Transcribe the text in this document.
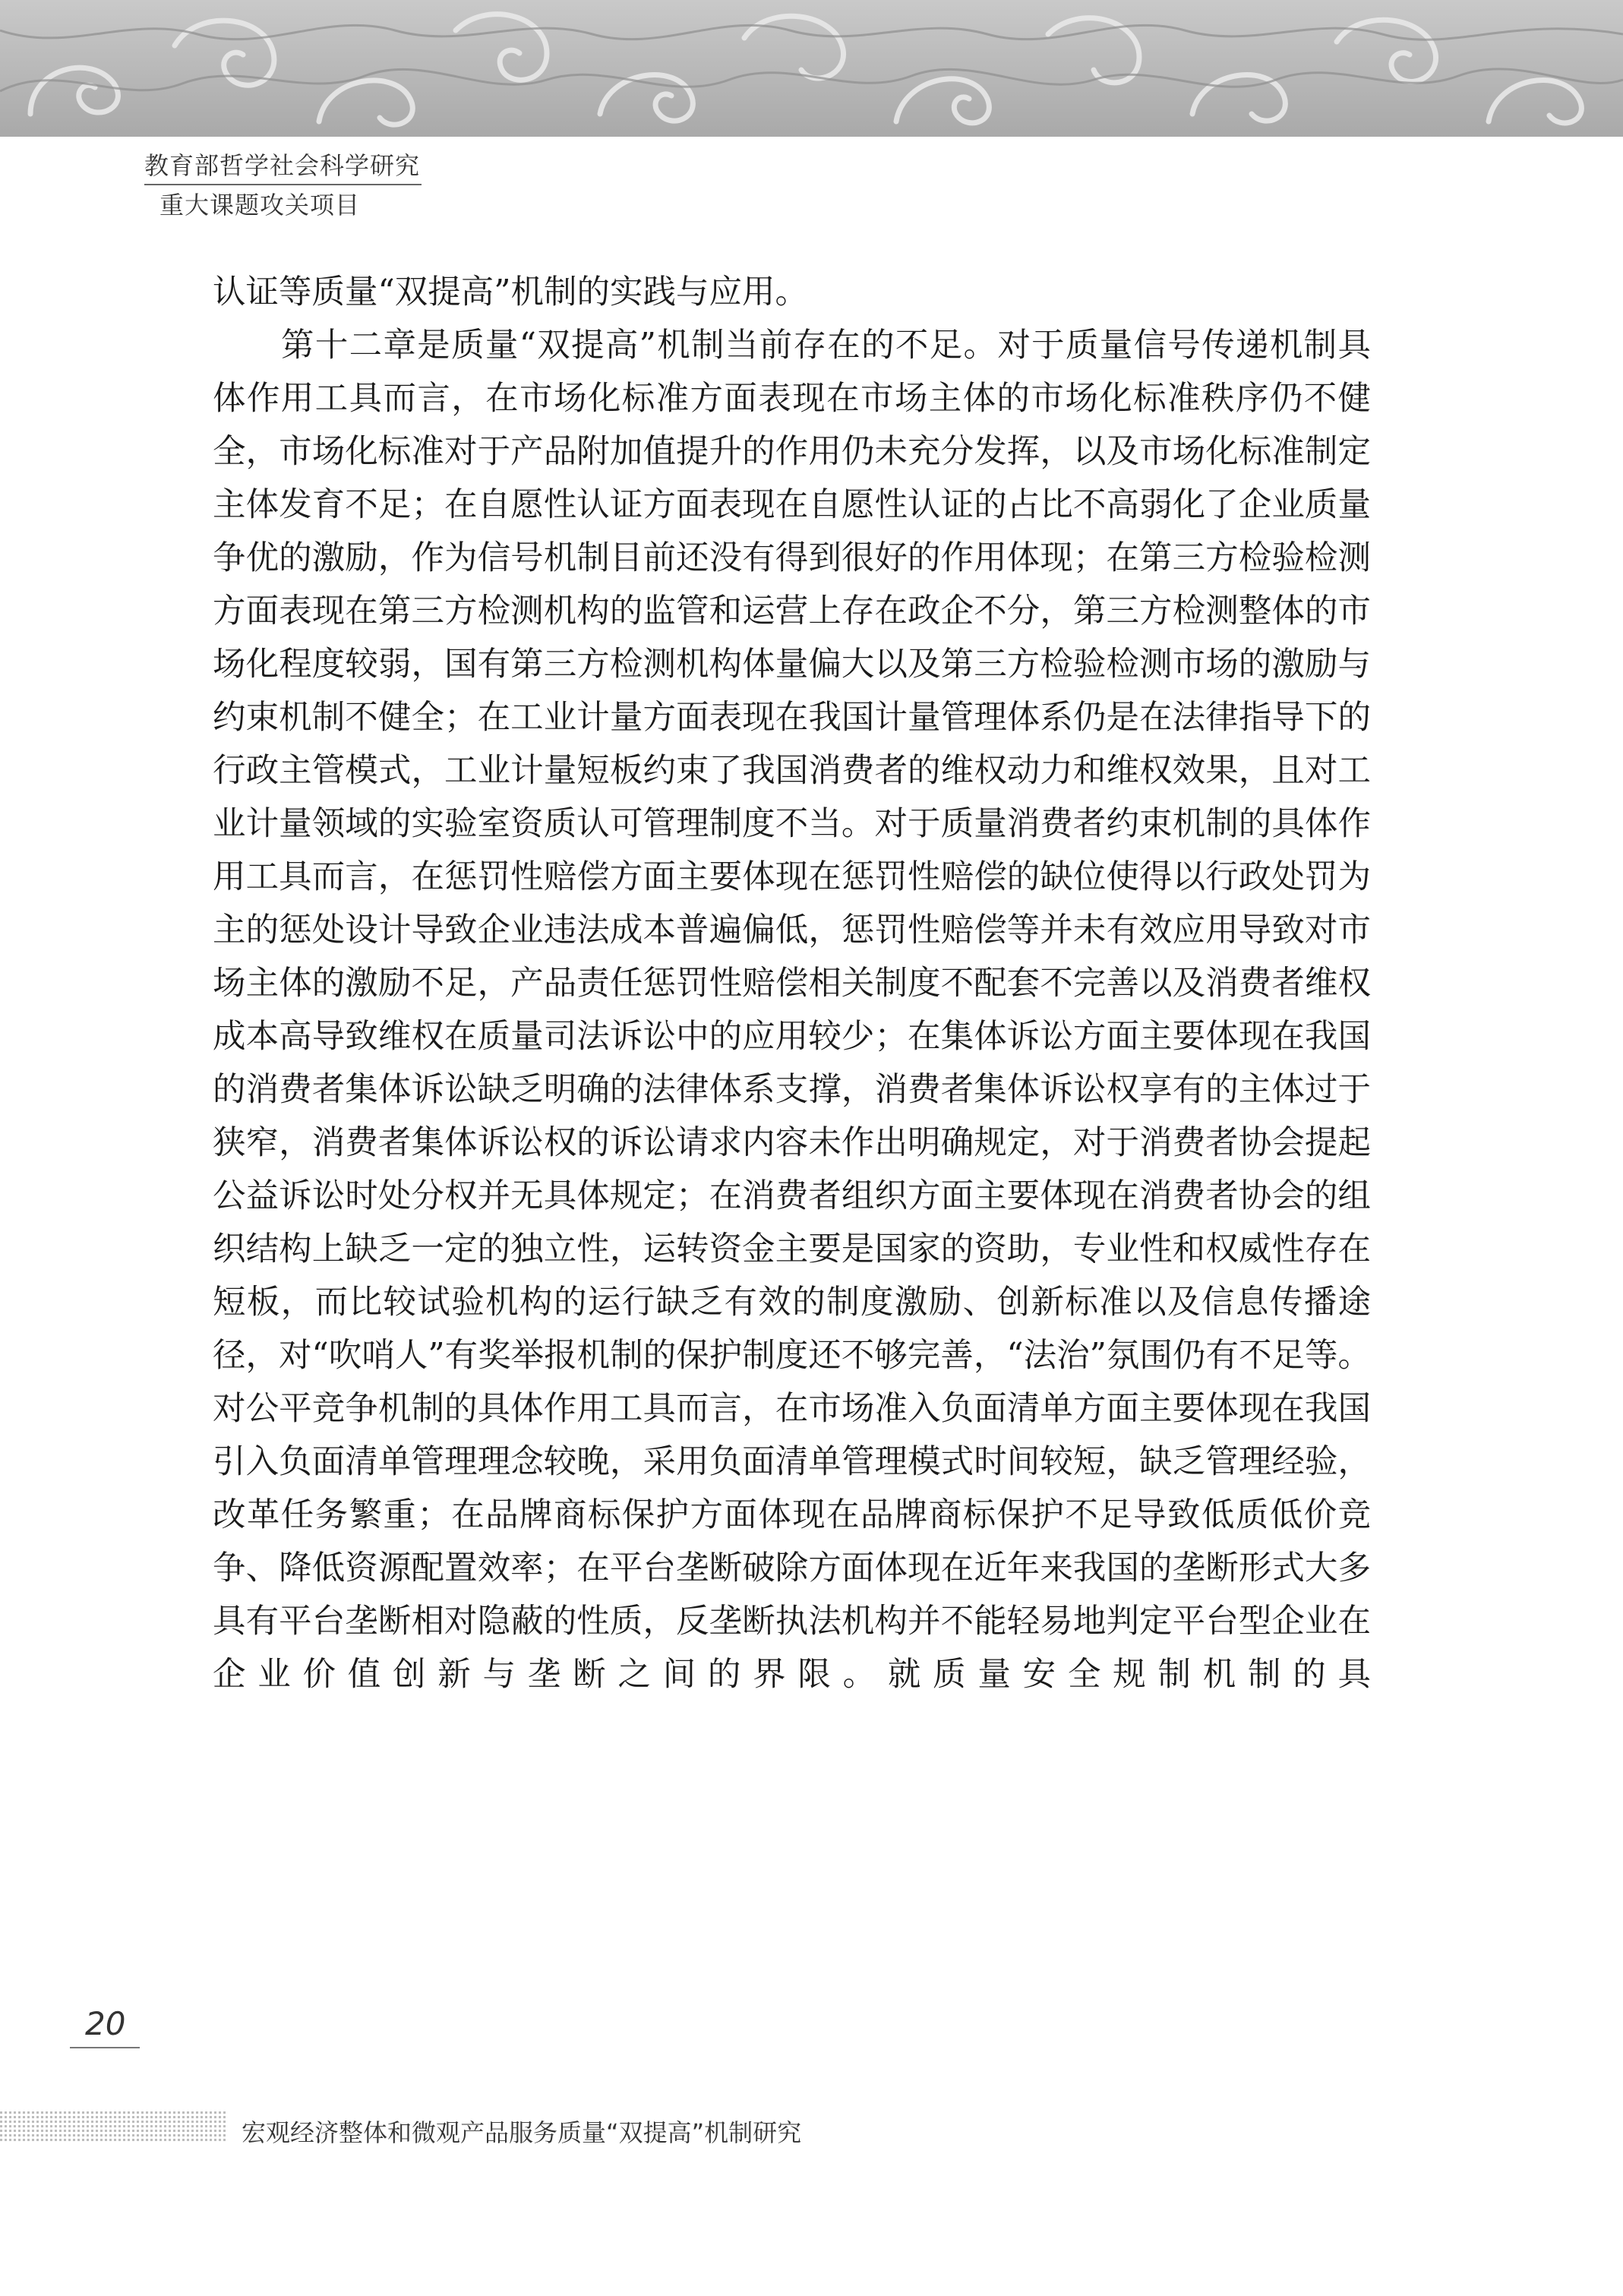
教育部哲学社会科学研究
重大课题攻关项目

认证等质量“双提高”机制的实践与应用。

第十二章是质量“双提高”机制当前存在的不足。对于质量信号传递机制具体作用工具而言，在市场化标准方面表现在市场主体的市场化标准秩序仍不健全，市场化标准对于产品附加值提升的作用仍未充分发挥，以及市场化标准制定主体发育不足；在自愿性认证方面表现在自愿性认证的占比不高弱化了企业质量争优的激励，作为信号机制目前还没有得到很好的作用体现；在第三方检验检测方面表现在第三方检测机构的监管和运营上存在政企不分，第三方检测整体的市场化程度较弱，国有第三方检测机构体量偏大以及第三方检验检测市场的激励与约束机制不健全；在工业计量方面表现在我国计量管理体系仍是在法律指导下的行政主管模式，工业计量短板约束了我国消费者的维权动力和维权效果，且对工业计量领域的实验室资质认可管理制度不当。对于质量消费者约束机制的具体作用工具而言，在惩罚性赔偿方面主要体现在惩罚性赔偿的缺位使得以行政处罚为主的惩处设计导致企业违法成本普遍偏低，惩罚性赔偿等并未有效应用导致对市场主体的激励不足，产品责任惩罚性赔偿相关制度不配套不完善以及消费者维权成本高导致维权在质量司法诉讼中的应用较少；在集体诉讼方面主要体现在我国的消费者集体诉讼缺乏明确的法律体系支撑，消费者集体诉讼权享有的主体过于狭窄，消费者集体诉讼权的诉讼请求内容未作出明确规定，对于消费者协会提起公益诉讼时处分权并无具体规定；在消费者组织方面主要体现在消费者协会的组织结构上缺乏一定的独立性，运转资金主要是国家的资助，专业性和权威性存在短板，而比较试验机构的运行缺乏有效的制度激励、创新标准以及信息传播途径，对“吹哨人”有奖举报机制的保护制度还不够完善，“法治”氛围仍有不足等。对公平竞争机制的具体作用工具而言，在市场准入负面清单方面主要体现在我国引入负面清单管理理念较晚，采用负面清单管理模式时间较短，缺乏管理经验，改革任务繁重；在品牌商标保护方面体现在品牌商标保护不足导致低质低价竞争、降低资源配置效率；在平台垄断破除方面体现在近年来我国的垄断形式大多具有平台垄断相对隐蔽的性质，反垄断执法机构并不能轻易地判定平台型企业在企业价值创新与垄断之间的界限。就质量安全规制机制的具

20
宏观经济整体和微观产品服务质量“双提高”机制研究
